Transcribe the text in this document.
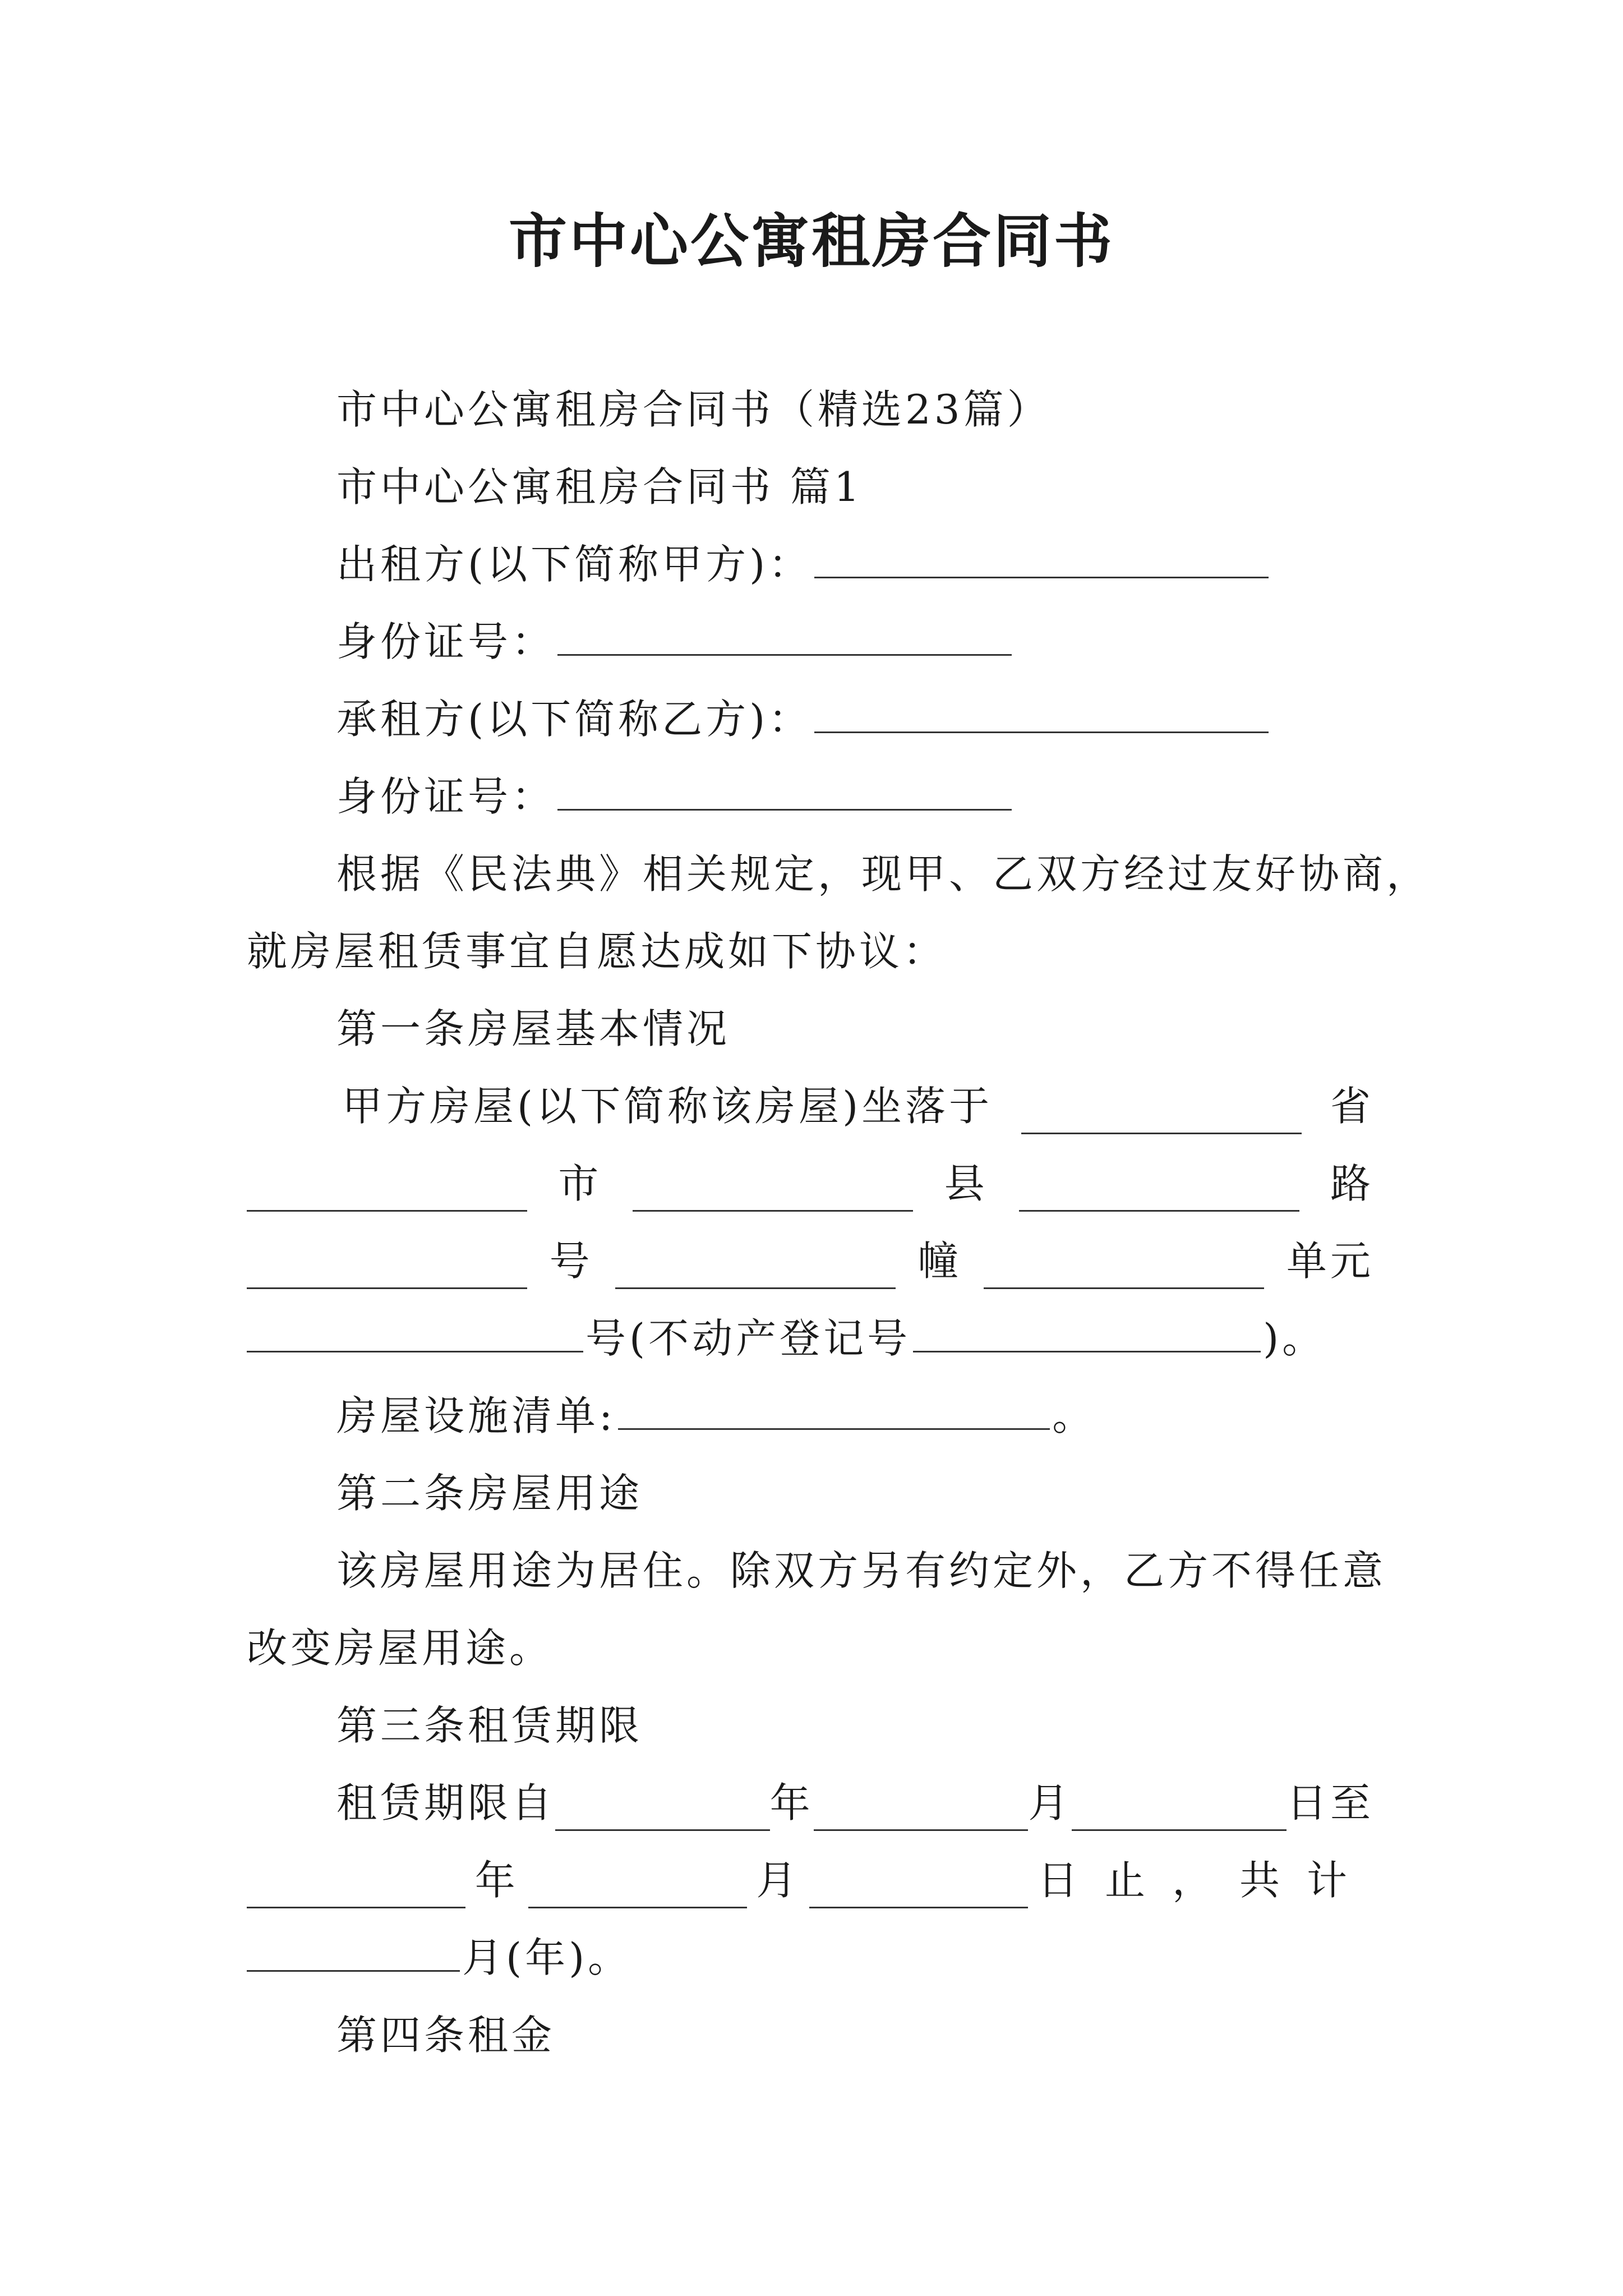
市中心公寓租房合同书
市中心公寓租房合同书（精选23篇）
市中心公寓租房合同书 篇1
出租方(以下简称甲方)：
身份证号：
承租方(以下简称乙方)：
身份证号：
根据《民法典》相关规定，现甲、乙双方经过友好协商，
就房屋租赁事宜自愿达成如下协议：
第一条房屋基本情况
甲方房屋(以下简称该房屋)坐落于	省
市	县	路
号	幢	单元
号(不动产登记号	)。
房屋设施清单:	。
第二条房屋用途
该房屋用途为居住。除双方另有约定外，乙方不得任意
改变房屋用途。
第三条租赁期限
租赁期限自	年	月	日至
年	月	日止，共计
月(年)。
第四条租金
